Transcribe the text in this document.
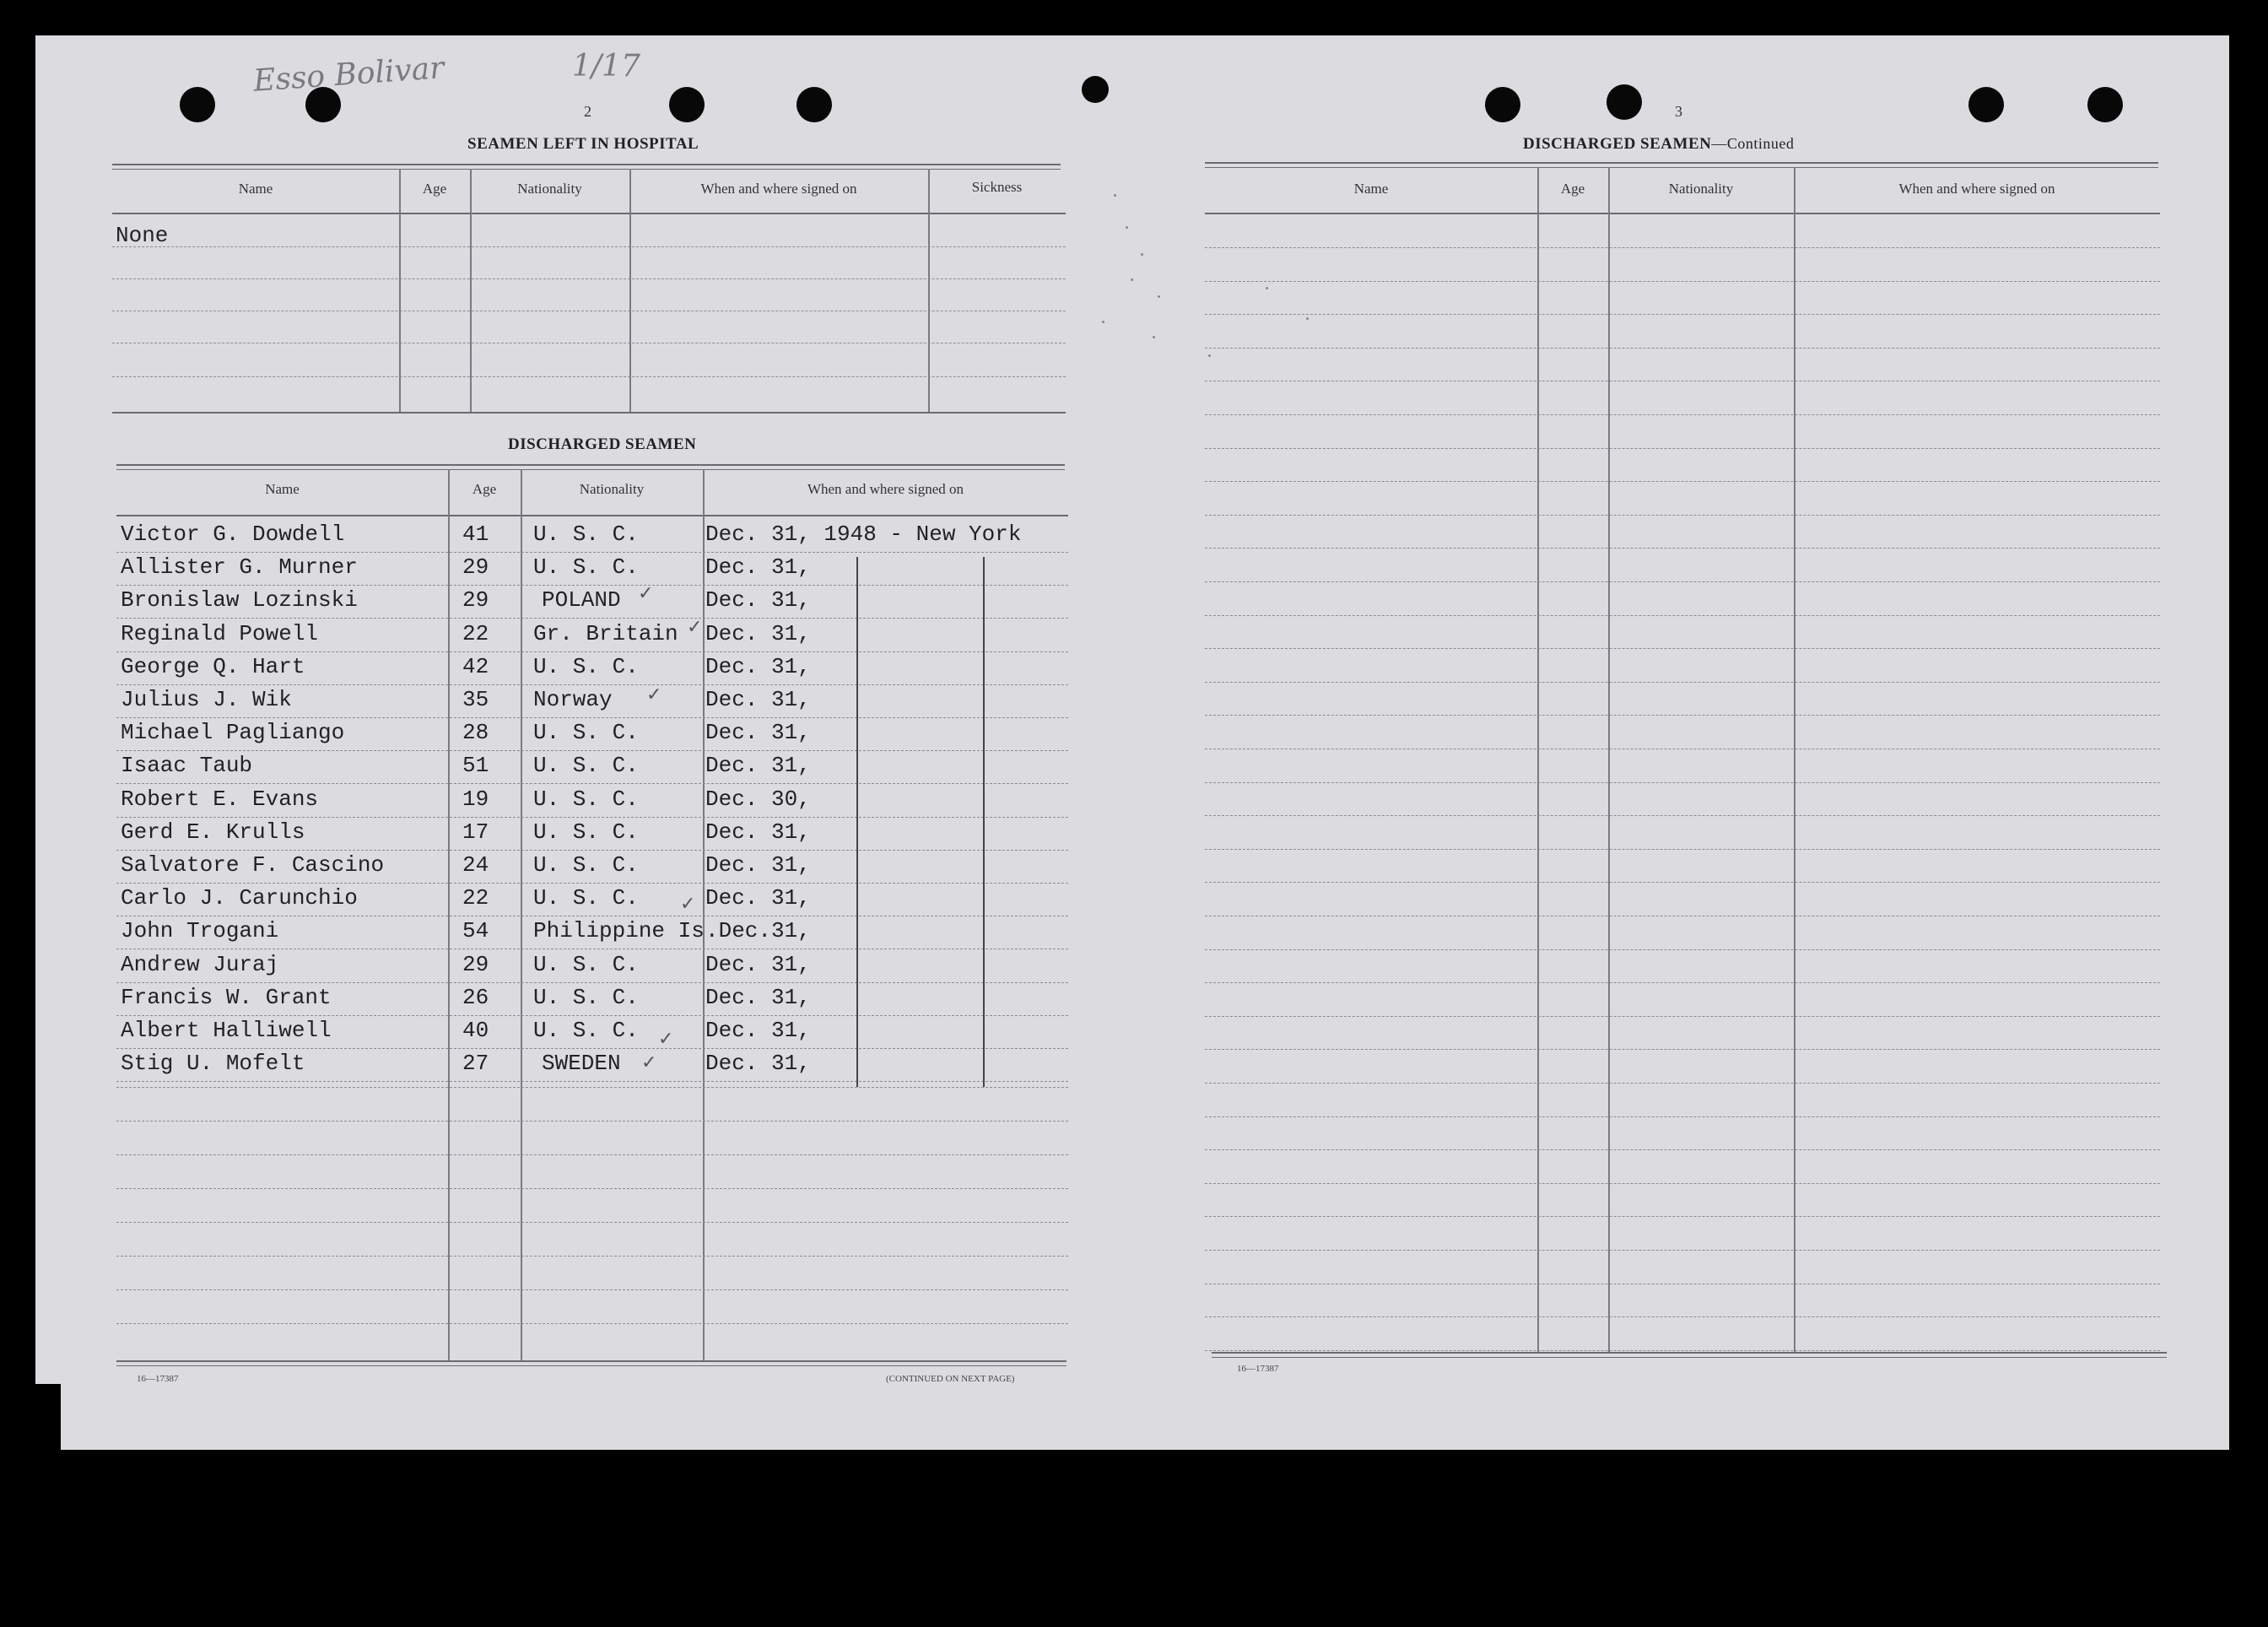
Esso Bolivar	1/17
2
SEAMEN LEFT IN HOSPITAL
Name	Age	Nationality	When and where signed on	Sickness
None
DISCHARGED SEAMEN
Name	Age	Nationality	When and where signed on
Victor G. Dowdell	41 U. S. C.	Dec. 31, 1948 - New York
Allister G. Murner	29 U. S. C.	Dec. 31,
Bronislaw Lozinski	29 POLAND	Dec. 31,
Reginald Powell	22 Gr. Britain Dec. 31,
George Q. Hart	42 U. S. C.	Dec. 31,
Julius J. Wik	35 Norway	Dec. 31,
Michael Pagliango	28 U. S. C.	Dec. 31,
Isaac Taub	51 U. S. C.	Dec. 31,
Robert E. Evans	19 U. S. C.	Dec. 30,
Gerd E. Krulls	17 U. S. C.	Dec. 31,
Salvatore F. Cascino	24 U. S. C.	Dec. 31,
Carlo J. Carunchio	22 U. S. C.	Dec. 31,
John Trogani	54 Philippine Is .Dec.31,
Andrew Juraj	29 U. S. C.	Dec. 31,
Francis W. Grant	26 U. S. C.	Dec. 31,
Albert Halliwell	40 U. S. C.	Dec. 31,
Stig U. Mofelt	27 SWEDEN	Dec. 31,
✓
✓
✓
✓
✓
✓
16—17387	(CONTINUED ON NEXT PAGE)
3
DISCHARGED SEAMEN—Continued
Name	Age	Nationality	When and where signed on
16—17387
